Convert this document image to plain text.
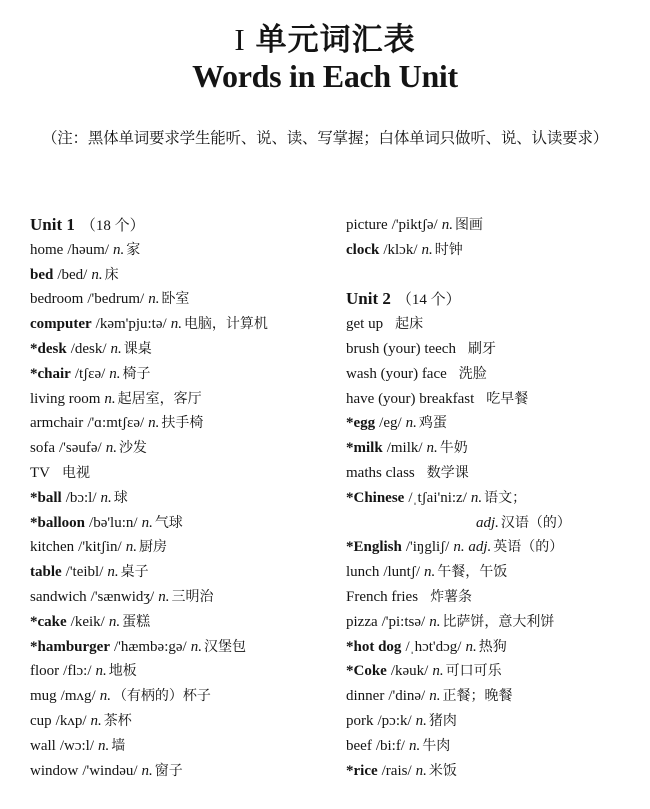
I 单元词汇表
Words in Each Unit
（注：黑体单词要求学生能听、说、读、写掌握；白体单词只做听、说、认读要求）
Unit 1 （18 个）
home /həum/ n. 家
bed /bed/ n. 床
bedroom /'bedrum/ n. 卧室
computer /kəm'pju:tə/ n. 电脑，计算机
*desk /desk/ n. 课桌
*chair /tʃεə/ n. 椅子
living room n. 起居室，客厅
armchair /'ɑ:mtʃεə/ n. 扶手椅
sofa /'səufə/ n. 沙发
TV 电视
*ball /bɔ:l/ n. 球
*balloon /bə'lu:n/ n. 气球
kitchen /'kitʃin/ n. 厨房
table /'teibl/ n. 桌子
sandwich /'sænwidʒ/ n. 三明治
*cake /keik/ n. 蛋糕
*hamburger /'hæmbə:gə/ n. 汉堡包
floor /flɔ:/ n. 地板
mug /mʌg/ n. （有柄的）杯子
cup /kʌp/ n. 茶杯
wall /wɔ:l/ n. 墙
window /'windəu/ n. 窗子
picture /'piktʃə/ n. 图画
clock /klɔk/ n. 时钟
Unit 2 （14 个）
get up 起床
brush (your) teech 刷牙
wash (your) face 洗脸
have (your) breakfast 吃早餐
*egg /eg/ n. 鸡蛋
*milk /milk/ n. 牛奶
maths class 数学课
*Chinese /ˌtʃai'ni:z/ n. 语文；
adj. 汉语（的）
*English /'iŋgliʃ/ n. adj. 英语（的）
lunch /luntʃ/ n. 午餐，午饭
French fries 炸薯条
pizza /'pi:tsə/ n. 比萨饼，意大利饼
*hot dog /ˌhɔt'dɔg/ n. 热狗
*Coke /kəuk/ n. 可口可乐
dinner /'dinə/ n. 正餐；晚餐
pork /pɔ:k/ n. 猪肉
beef /bi:f/ n. 牛肉
*rice /rais/ n. 米饭
